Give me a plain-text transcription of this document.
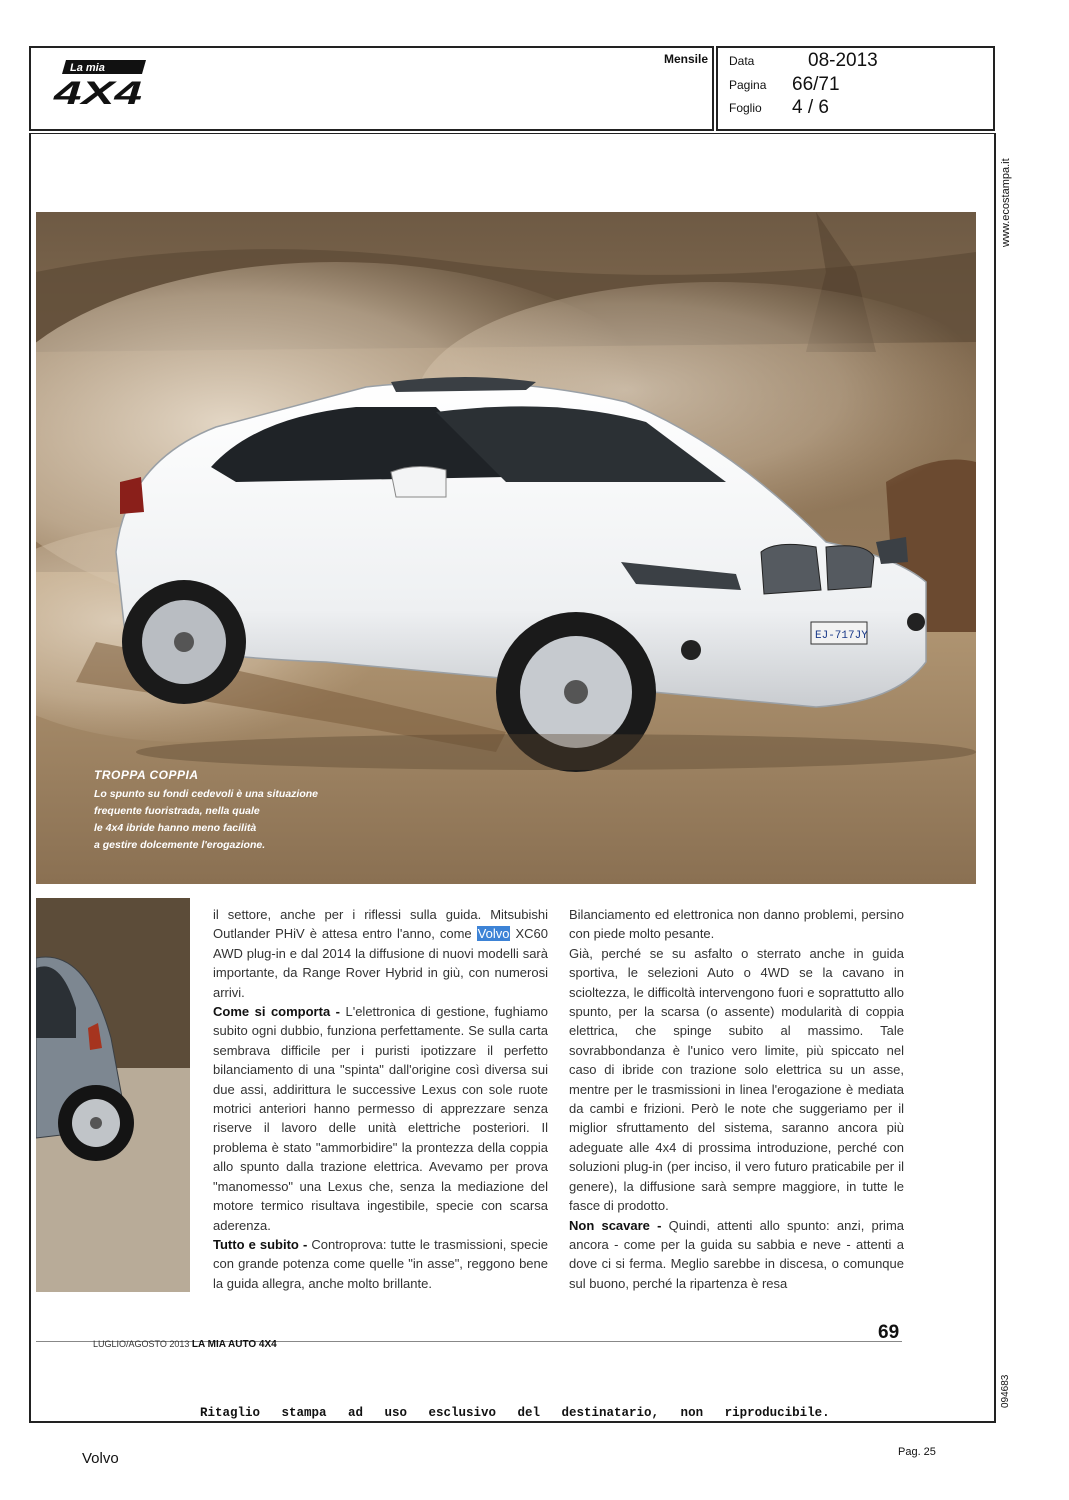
La mia
4X4
Mensile Data	08-2013
Pagina 66/71
Foglio 4 / 6
www.ecostampa.it
094683
EJ-717JY
TROPPA COPPIA
Lo spunto su fondi cedevoli è una situazione
frequente fuoristrada, nella quale
le 4x4 ibride hanno meno facilità
a gestire dolcemente l'erogazione.

il settore, anche per i riflessi sulla guida. Mitsubishi Outlander PHiV è attesa entro l'anno, come Volvo XC60 AWD plug-in e dal 2014 la diffusione di nuovi modelli sarà importante, da Range Rover Hybrid in giù, con numerosi arrivi.

Come si comporta - L'elettronica di gestione, fughiamo subito ogni dubbio, funziona perfettamente. Se sulla carta sembrava difficile per i puristi ipotizzare il perfetto bilanciamento di una "spinta" dall'origine così diversa sui due assi, addirittura le successive Lexus con sole ruote motrici anteriori hanno permesso di apprezzare senza riserve il lavoro delle unità elettriche posteriori. Il problema è stato "ammorbidire" la prontezza della coppia allo spunto dalla trazione elettrica. Avevamo per prova "manomesso" una Lexus che, senza la mediazione del motore termico risultava ingestibile, specie con scarsa aderenza.

Tutto e subito - Controprova: tutte le trasmissioni, specie con grande potenza come quelle "in asse", reggono bene la guida allegra, anche molto brillante.

Bilanciamento ed elettronica non danno problemi, persino con piede molto pesante.

Già, perché se su asfalto o sterrato anche in guida sportiva, le selezioni Auto o 4WD se la cavano in scioltezza, le difficoltà intervengono fuori e soprattutto allo spunto, per la scarsa (o assente) modularità di coppia elettrica, che spinge subito al massimo. Tale sovrabbondanza è l'unico vero limite, più spiccato nel caso di ibride con trazione solo elettrica su un asse, mentre per le trasmissioni in linea l'erogazione è mediata da cambi e frizioni. Però le note che suggeriamo per il miglior sfruttamento del sistema, saranno ancora più adeguate alle 4x4 di prossima introduzione, perché con soluzioni plug-in (per inciso, il vero futuro praticabile per il genere), la diffusione sarà sempre maggiore, in tutte le fasce di prodotto.

Non scavare - Quindi, attenti allo spunto: anzi, prima ancora - come per la guida su sabbia e neve - attenti a dove ci si ferma. Meglio sarebbe in discesa, o comunque sul buono, perché la ripartenza è resa

LUGLIO/AGOSTO 2013 LA MIA AUTO 4X4
69
Ritaglio stampa ad uso esclusivo del destinatario, non riproducibile.
Volvo	Pag. 25
